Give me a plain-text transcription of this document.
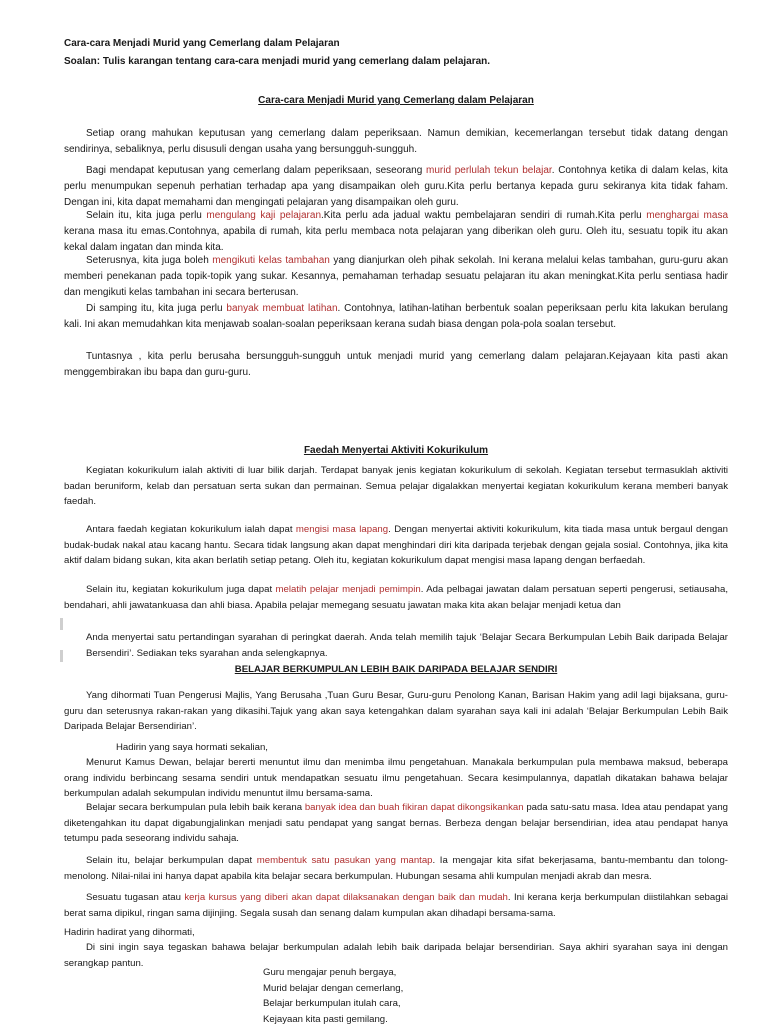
Cara-cara Menjadi Murid yang Cemerlang dalam Pelajaran
Soalan: Tulis karangan tentang cara-cara menjadi murid yang cemerlang dalam pelajaran.
Cara-cara Menjadi Murid yang Cemerlang dalam Pelajaran

Setiap orang mahukan keputusan yang cemerlang dalam peperiksaan. Namun demikian, kecemerlangan tersebut tidak datang dengan sendirinya, sebaliknya, perlu disusuli dengan usaha yang bersungguh-sungguh.

Bagi mendapat keputusan yang cemerlang dalam peperiksaan, seseorang murid perlulah tekun belajar. Contohnya ketika di dalam kelas, kita perlu menumpukan sepenuh perhatian terhadap apa yang disampaikan oleh guru.Kita perlu bertanya kepada guru sekiranya kita tidak faham. Dengan ini, kita dapat memahami dan mengingati pelajaran yang disampaikan oleh guru.

Selain itu, kita juga perlu mengulang kaji pelajaran.Kita perlu ada jadual waktu pembelajaran sendiri di rumah.Kita perlu menghargai masa kerana masa itu emas.Contohnya, apabila di rumah, kita perlu membaca nota pelajaran yang diberikan oleh guru. Oleh itu, sesuatu topik itu akan kekal dalam ingatan dan minda kita.

Seterusnya, kita juga boleh mengikuti kelas tambahan yang dianjurkan oleh pihak sekolah. Ini kerana melalui kelas tambahan, guru-guru akan memberi penekanan pada topik-topik yang sukar. Kesannya, pemahaman terhadap sesuatu pelajaran itu akan meningkat.Kita perlu sentiasa hadir dan mengikuti kelas tambahan ini secara berterusan.

Di samping itu, kita juga perlu banyak membuat latihan. Contohnya, latihan-latihan berbentuk soalan peperiksaan perlu kita lakukan berulang kali. Ini akan memudahkan kita menjawab soalan-soalan peperiksaan kerana sudah biasa dengan pola-pola soalan tersebut.

Tuntasnya , kita perlu berusaha bersungguh-sungguh untuk menjadi murid yang cemerlang dalam pelajaran.Kejayaan kita pasti akan menggembirakan ibu bapa dan guru-guru.

Faedah Menyertai Aktiviti Kokurikulum

Kegiatan kokurikulum ialah aktiviti di luar bilik darjah. Terdapat banyak jenis kegiatan kokurikulum di sekolah. Kegiatan tersebut termasuklah aktiviti badan beruniform, kelab dan persatuan serta sukan dan permainan. Semua pelajar digalakkan menyertai kegiatan kokurikulum kerana memberi banyak faedah.

Antara faedah kegiatan kokurikulum ialah dapat mengisi masa lapang. Dengan menyertai aktiviti kokurikulum, kita tiada masa untuk bergaul dengan budak-budak nakal atau kacang hantu. Secara tidak langsung akan dapat menghindari diri kita daripada terjebak dengan gejala sosial. Contohnya, jika kita aktif dalam bidang sukan, kita akan berlatih setiap petang. Oleh itu, kegiatan kokurikulum dapat mengisi masa lapang dengan berfaedah.

Selain itu, kegiatan kokurikulum juga dapat melatih pelajar menjadi pemimpin. Ada pelbagai jawatan dalam persatuan seperti pengerusi, setiausaha, bendahari, ahli jawatankuasa dan ahli biasa. Apabila pelajar memegang sesuatu jawatan maka kita akan belajar menjadi ketua dan

Anda menyertai satu pertandingan syarahan di peringkat daerah. Anda telah memilih tajuk ‘Belajar Secara Berkumpulan Lebih Baik daripada Belajar Bersendiri’. Sediakan teks syarahan anda selengkapnya.

BELAJAR BERKUMPULAN LEBIH BAIK DARIPADA BELAJAR SENDIRI

Yang dihormati Tuan Pengerusi Majlis, Yang Berusaha ,Tuan Guru Besar, Guru-guru Penolong Kanan, Barisan Hakim yang adil lagi bijaksana, guru-guru dan seterusnya rakan-rakan yang dikasihi.Tajuk yang akan saya ketengahkan dalam syarahan saya kali ini adalah ‘Belajar Berkumpulan Lebih Baik Daripada Belajar Bersendirian’.

Hadirin yang saya hormati sekalian,

Menurut Kamus Dewan, belajar bererti menuntut ilmu dan menimba ilmu pengetahuan. Manakala berkumpulan pula membawa maksud, beberapa orang individu berbincang sesama sendiri untuk mendapatkan sesuatu ilmu pengetahuan. Secara kesimpulannya, dapatlah dikatakan bahawa belajar berkumpulan adalah sekumpulan individu menuntut ilmu bersama-sama.

Belajar secara berkumpulan pula lebih baik kerana banyak idea dan buah fikiran dapat dikongsikankan pada satu-satu masa. Idea atau pendapat yang diketengahkan itu dapat digabungjalinkan menjadi satu pendapat yang sangat bernas. Berbeza dengan belajar bersendirian, idea atau pendapat hanya tetumpu pada seseorang individu sahaja.

Selain itu, belajar berkumpulan dapat membentuk satu pasukan yang mantap. Ia mengajar kita sifat bekerjasama, bantu-membantu dan tolong-menolong. Nilai-nilai ini hanya dapat apabila kita belajar secara berkumpulan. Hubungan sesama ahli kumpulan menjadi akrab dan mesra.

Sesuatu tugasan atau kerja kursus yang diberi akan dapat dilaksanakan dengan baik dan mudah. Ini kerana kerja berkumpulan diistilahkan sebagai berat sama dipikul, ringan sama dijinjing. Segala susah dan senang dalam kumpulan akan dihadapi bersama-sama.

Hadirin hadirat yang dihormati,

Di sini ingin saya tegaskan bahawa belajar berkumpulan adalah lebih baik daripada belajar bersendirian. Saya akhiri syarahan saya ini dengan serangkap pantun.

Guru mengajar penuh bergaya,
Murid belajar dengan cemerlang,
Belajar berkumpulan itulah cara,
Kejayaan kita pasti gemilang.
